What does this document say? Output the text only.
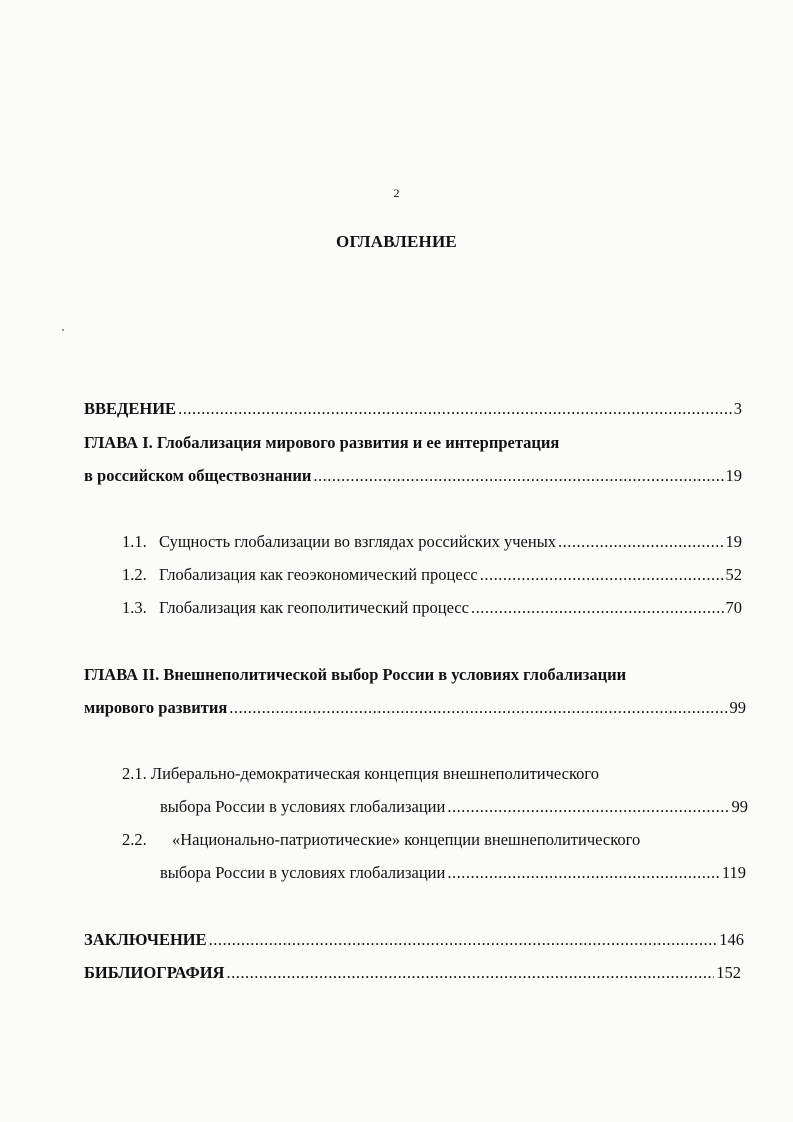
2
ОГЛАВЛЕНИЕ
ВВЕДЕНИЕ .....	3
ГЛАВА I. Глобализация мирового развития и ее интерпретация
в российском обществознании .....	19
1.1. Сущность глобализации во взглядах российских ученых .....	19
1.2. Глобализация как геоэкономический процесс .....	52
1.3. Глобализация как геополитический процесс .....	70
ГЛАВА II. Внешнеполитической выбор России в условиях глобализации
мирового развития .....	99
2.1. Либерально-демократическая концепция внешнеполитического
выбора России в условиях глобализации .....	99
2.2. «Национально-патриотические» концепции внешнеполитического
выбора России в условиях глобализации .....	119
ЗАКЛЮЧЕНИЕ .....	146
БИБЛИОГРАФИЯ .....	152
